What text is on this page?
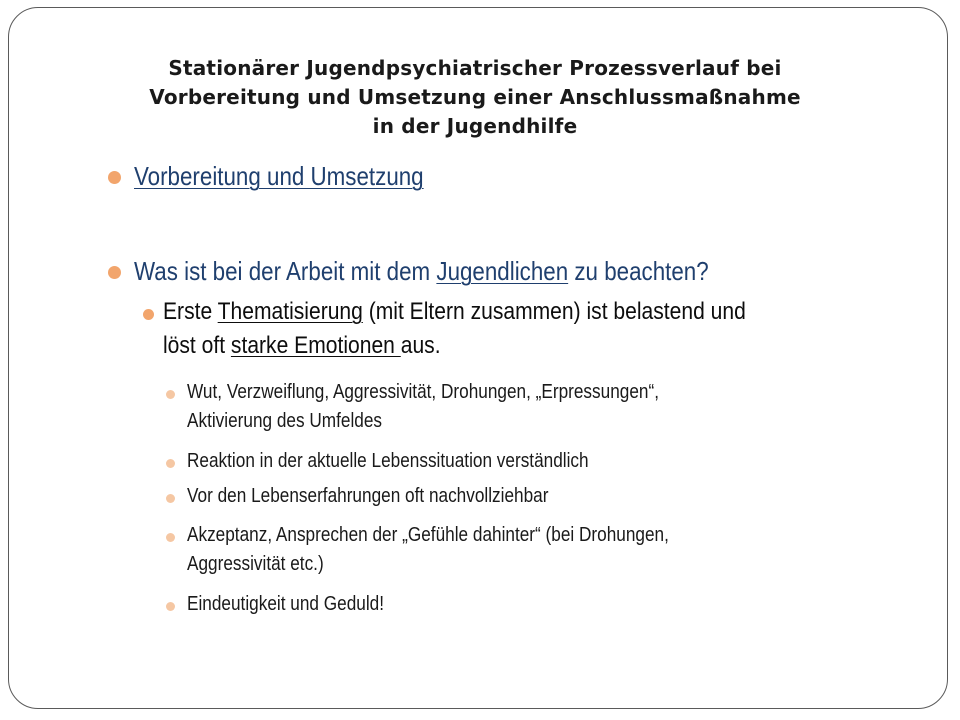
Stationärer Jugendpsychiatrischer Prozessverlauf bei
Vorbereitung und Umsetzung einer Anschlussmaßnahme
in der Jugendhilfe
Vorbereitung und Umsetzung
Was ist bei der Arbeit mit dem Jugendlichen zu beachten?
Erste Thematisierung (mit Eltern zusammen) ist belastend und
löst oft starke Emotionen aus.
Wut, Verzweiflung, Aggressivität, Drohungen, „Erpressungen“,
Aktivierung des Umfeldes
Reaktion in der aktuelle Lebenssituation verständlich
Vor den Lebenserfahrungen oft nachvollziehbar
Akzeptanz, Ansprechen der „Gefühle dahinter“ (bei Drohungen,
Aggressivität etc.)
Eindeutigkeit und Geduld!
